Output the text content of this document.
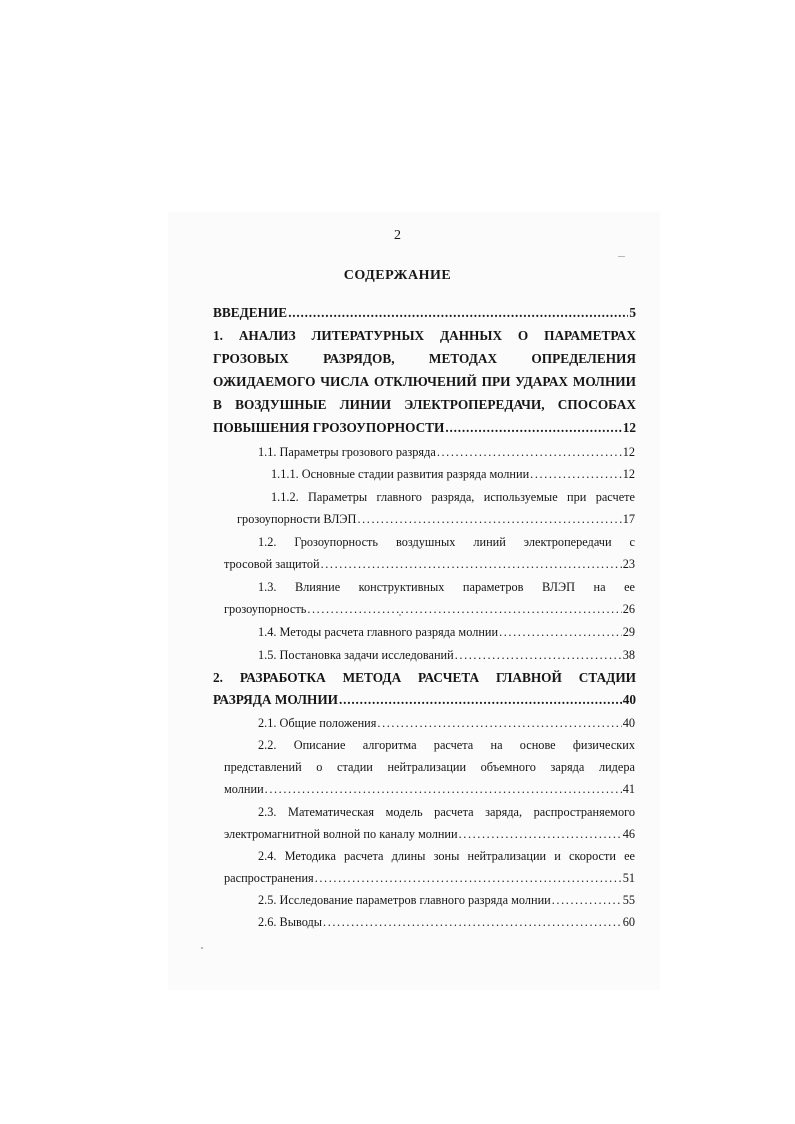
2
СОДЕРЖАНИЕ
ВВЕДЕНИЕ .....	5
1. АНАЛИЗ ЛИТЕРАТУРНЫХ ДАННЫХ О ПАРАМЕТРАХ
ГРОЗОВЫХ РАЗРЯДОВ, МЕТОДАХ ОПРЕДЕЛЕНИЯ
ОЖИДАЕМОГО ЧИСЛА ОТКЛЮЧЕНИЙ ПРИ УДАРАХ МОЛНИИ
В ВОЗДУШНЫЕ ЛИНИИ ЭЛЕКТРОПЕРЕДАЧИ, СПОСОБАХ
ПОВЫШЕНИЯ ГРОЗОУПОРНОСТИ .....	12
1.1. Параметры грозового разряда .....	12
1.1.1. Основные стадии развития разряда молнии .....	12
1.1.2. Параметры главного разряда, используемые при расчете
грозоупорности ВЛЭП .....	17
1.2. Грозоупорность воздушных линий электропередачи с
тросовой защитой .....	23
1.3. Влияние конструктивных параметров ВЛЭП на ее
грозоупорность .....	26
1.4. Методы расчета главного разряда молнии .....	29
1.5. Постановка задачи исследований .....	38
2. РАЗРАБОТКА МЕТОДА РАСЧЕТА ГЛАВНОЙ СТАДИИ
РАЗРЯДА МОЛНИИ .....	40
2.1. Общие положения .....	40
2.2. Описание алгоритма расчета на основе физических
представлений о стадии нейтрализации объемного заряда лидера
молнии .....	41
2.3. Математическая модель расчета заряда, распространяемого
электромагнитной волной по каналу молнии .....	46
2.4. Методика расчета длины зоны нейтрализации и скорости ее
распространения .....	51
2.5. Исследование параметров главного разряда молнии .....	55
2.6. Выводы .....	60
